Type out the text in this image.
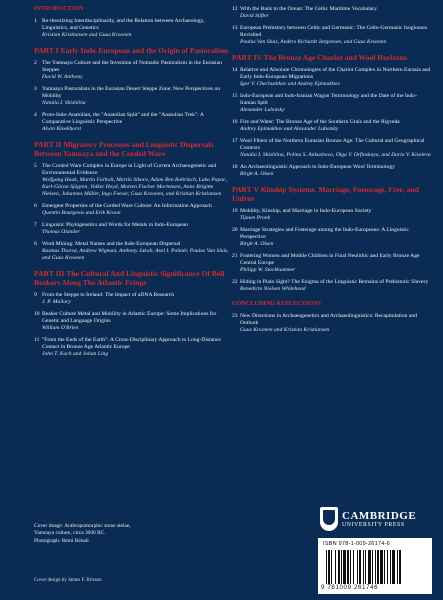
INTRODUCTION
1 Re-theorizing Interdisciplinarity, and the Relation between Archaeology, Linguistics, and Genetics
Kristian Kristiansen and Guus Kroonen
PART I Early Indo-European and the Origin of Pastoralism
2 The Yamnaya Culture and the Invention of Nomadic Pastoralism in the Eurasian Steppes
David W. Anthony
3 Yamnaya Pastoralists in the Eurasian Desert Steppe Zone: New Perspectives on Mobility
Natalia I. Shishlina
4 Proto-Indo-Anatolian, the "Anatolian Split" and the "Anatolian Trek": A Comparative Linguistic Perspective
Alwin Kloekhorst
PART II Migratory Processes and Linguistic Dispersals Between Yamnaya and the Corded Ware
5 The Corded Ware Complex in Europe in Light of Current Archaeogenetic and Environmental Evidence
Wolfgang Haak, Martin Furholt, Martin Sikora, Adam Ben Rohrlach, Luka Papac, Karl-Göran Sjögren, Volker Heyd, Morten Fischer Mortensen, Anne Brigitte Nielsen, Johannes Müller, Ingo Feeser, Guus Kroonen, and Kristian Kristiansen
6 Emergent Properties of the Corded Ware Culture: An Information Approach
Quentin Bourgeois and Erik Kroon
7 Linguistic Phylogenetics and Words for Metals in Indo-European
Thomas Olander
8 Word Mining: Metal Names and the Indo-European Dispersal
Rasmus Thorsø, Andrew Wigman, Anthony Jakob, Axel I. Palmér, Paulus Van Sluis, and Guus Kroonen
PART III The Cultural And Linguistic Significance Of Bell Beakers Along The Atlantic Fringe
9 From the Steppe to Ireland: The Impact of aDNA Research
J. P. Mallory
10 Beaker Culture Metal and Mobility in Atlantic Europe: Some Implications for Genetic and Language Origins
William O'Brien
11 "From the Ends of the Earth": A Cross-Disciplinary Approach to Long-Distance Contact in Bronze Age Atlantic Europe
John T. Koch and Johan Ling
12 With the Back to the Ocean: The Celtic Maritime Vocabulary
David Stifter
13 European Prehistory between Celtic and Germanic: The Celto-Germanic Isoglosses Revisited
Paulus Van Sluis, Anders Richardt Jørgensen, and Guus Kroonen
PART IV The Bronze Age Chariot and Wool Horizons
14 Relative and Absolute Chronologies of the Chariot Complex in Northern Eurasia and Early Indo-European Migrations
Igor V. Chechushkov and Andrey Epimakhov
15 Indo-European and Indo-Iranian Wagon Terminology and the Date of the Indo-Iranian Split
Alexander Lubotsky
16 Fire and Water: The Bronze Age of the Southern Urals and the Rigveda
Andrey Epimakhov and Alexander Lubotsky
17 Wool Fibers of the Northern Eurasian Bronze Age: The Cultural and Geographical Contexts
Natalia I. Shishlina, Polina S. Ankushova, Olga V. Orfinskaya, and Daria V. Kiseleva
18 An Archaeolinguistic Approach to Indo-European Wool Terminology
Birgit A. Olsen
PART V Kinship Systems, Marriage, Fosterage, Free, and Unfree
19 Mobility, Kinship, and Marriage in Indo-European Society
Tijmen Pronk
20 Marriage Strategies and Fosterage among the Indo-Europeans: A Linguistic Perspective
Birgit A. Olsen
21 Fostering Women and Mobile Children in Final Neolithic and Early Bronze Age Central Europe
Philipp W. Stockhammer
22 Hiding in Plain Sight? The Enigma of the Linguistic Remains of Prehistoric Slavery
Benedicte Nielsen Whitehead
CONCLUDING REFLECTIONS
23 New Directions in Archaeogenetics and Archaeolinguistics: Recapitulation and Outlook
Guus Kroonen and Kristian Kristiansen
Cover image: Anthropomorphic stone stelae,
Yamnaya culture, circa 3000 BC.
Photograph: Rémi Bénali
Cover design by James F. Brisson
CAMBRIDGE
UNIVERSITY PRESS
ISBN 978-1-009-26174-6
9 781009 261746
